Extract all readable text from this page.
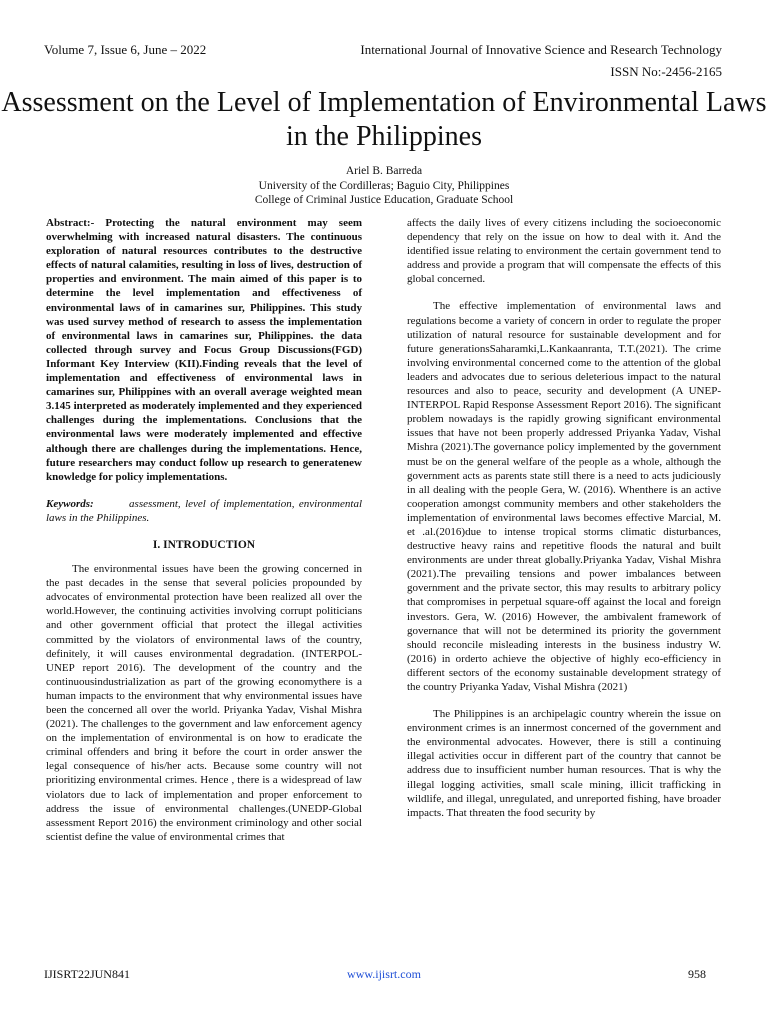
Volume 7, Issue 6, June – 2022	International Journal of Innovative Science and Research Technology
ISSN No:-2456-2165
Assessment on the Level of Implementation of Environmental Laws in the Philippines
Ariel B. Barreda
University of the Cordilleras; Baguio City, Philippines
College of Criminal Justice Education, Graduate School

Abstract:- Protecting the natural environment may seem overwhelming with increased natural disasters. The continuous exploration of natural resources contributes to the destructive effects of natural calamities, resulting in loss of lives, destruction of properties and environment. The main aimed of this paper is to determine the level implementation and effectiveness of environmental laws of in camarines sur, Philippines. This study was used survey method of research to assess the implementation of environmental laws in camarines sur, Philippines. the data collected through survey and Focus Group Discussions(FGD) Informant Key Interview (KII).Finding reveals that the level of implementation and effectiveness of environmental laws in camarines sur, Philippines with an overall average weighted mean 3.145 interpreted as moderately implemented and they experienced challenges during the implementations. Conclusions that the environmental laws were moderately implemented and effective although there are challenges during the implementations. Hence, future researchers may conduct follow up research to generatenew knowledge for policy implementations.

Keywords:	assessment, level of implementation, environmental laws in the Philippines.

I. INTRODUCTION

The environmental issues have been the growing concerned in the past decades in the sense that several policies propounded by advocates of environmental protection have been realized all over the world.However, the continuing activities involving corrupt politicians and other government official that protect the illegal activities committed by the violators of environmental laws of the country, definitely, it will causes environmental degradation. (INTERPOL-UNEP report 2016). The development of the country and the continuousindustrialization as part of the growing economythere is a human impacts to the environment that why environmental issues have been the concerned all over the world. Priyanka Yadav, Vishal Mishra (2021). The challenges to the government and law enforcement agency on the implementation of environmental is on how to eradicate the criminal offenders and bring it before the court in order answer the legal consequence of his/her acts. Because some country will not prioritizing environmental crimes. Hence , there is a widespread of law violators due to lack of implementation and proper enforcement to address the issue of environmental challenges.(UNEDP-Global assessment Report 2016) the environment criminology and other social scientist define the value of environmental crimes that

affects the daily lives of every citizens including the socioeconomic dependency that rely on the issue on how to deal with it. And the identified issue relating to environment the certain government tend to address and provide a program that will compensate the effects of this global concerned.

The effective implementation of environmental laws and regulations become a variety of concern in order to regulate the proper utilization of natural resource for sustainable development and for future generationsSaharamki,L.Kankaanranta, T.T.(2021). The crime involving environmental concerned come to the attention of the global leaders and advocates due to serious deleterious impact to the natural resources and also to peace, security and development (A UNEP- INTERPOL Rapid Response Assessment Report 2016). The significant problem nowadays is the rapidly growing significant environmental issues that have not been properly addressed Priyanka Yadav, Vishal Mishra (2021).The governance policy implemented by the government must be on the general welfare of the people as a whole, although the government acts as parents state still there is a need to acts judiciously in all dealing with the people Gera, W. (2016). Whenthere is an active cooperation amongst community members and other stakeholders the implementation of environmental laws becomes effective Marcial, M. et .al.(2016)due to intense tropical storms climatic disturbances, destructive heavy rains and repetitive floods the natural and built environments are under threat globally.Priyanka Yadav, Vishal Mishra (2021).The prevailing tensions and power imbalances between government and the private sector, this may results to arbitrary policy that compromises in perpetual square-off against the local and foreign investors. Gera, W. (2016) However, the ambivalent framework of governance that will not be determined its priority the government should reconcile misleading interests in the business industry W. (2016) in orderto achieve the objective of highly eco-efficiency in different sectors of the economy sustainable development strategy of the country Priyanka Yadav, Vishal Mishra (2021)

The Philippines is an archipelagic country wherein the issue on environment crimes is an innermost concerned of the government and the environmental advocates. However, there is still a continuing illegal activities occur in different part of the country that cannot be address due to insufficient number human resources. That is why the illegal logging activities, small scale mining, illicit trafficking in wildlife, and illegal, unregulated, and unreported fishing, have broader impacts. That threaten the food security by

IJISRT22JUN841	www.ijisrt.com	958
